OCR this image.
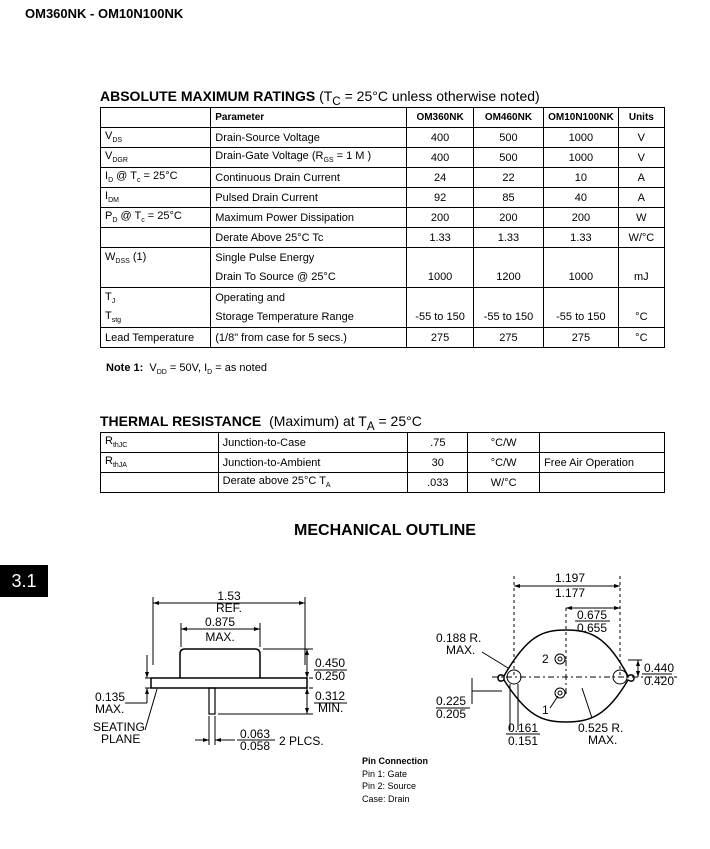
OM360NK - OM10N100NK
ABSOLUTE MAXIMUM RATINGS ($T_C = 25^\circ C$ unless otherwise noted)
	Parameter	OM360NK	OM460NK	OM10N100NK	Units
$V_{DS}$	Drain-Source Voltage	400	500	1000	V
$V_{DGR}$	Drain-Gate Voltage ($R_{GS} = 1$ M )	400	500	1000	V
$I_D$ @ $T_c = 25^\circ C$	Continuous Drain Current	24	22	10	A
$I_{DM}$	Pulsed Drain Current	92	85	40	A
$P_D$ @ $T_c = 25^\circ C$	Maximum Power Dissipation	200	200	200	W
	Derate Above 25°C Tc	1.33	1.33	1.33	W/°C
$W_{DSS}$ (1)	Single Pulse Energy				
	Drain To Source @ 25°C	1000	1200	1000	mJ
$T_J$	Operating and				
$T_{stg}$	Storage Temperature Range	-55 to 150	-55 to 150	-55 to 150	°C
Lead Temperature	(1/8" from case for 5 secs.)	275	275	275	°C
Note 1: $V_{DD} = 50V$, $I_D$ = as noted
THERMAL RESISTANCE (Maximum) at $T_A = 25^\circ C$
$R_{thJC}$	Junction-to-Case	.75	°C/W	
$R_{thJA}$	Junction-to-Ambient	30	°C/W	Free Air Operation
	Derate above 25°C $T_A$	.033	W/°C	
MECHANICAL OUTLINE
3.1
1.53
REF.
0.875
MAX.
0.450
0.250
0.312
MIN.
0.135
MAX.
SEATING
PLANE	0.063
0.058 2 PLCS.
1.197
1.177
0.675
0.655
0.188 R.
MAX.
0.440
0.420
0.225
0.205
0.161
0.151
0.525 R.
MAX.
2
1
Pin Connection
Pin 1: Gate
Pin 2: Source
Case: Drain
